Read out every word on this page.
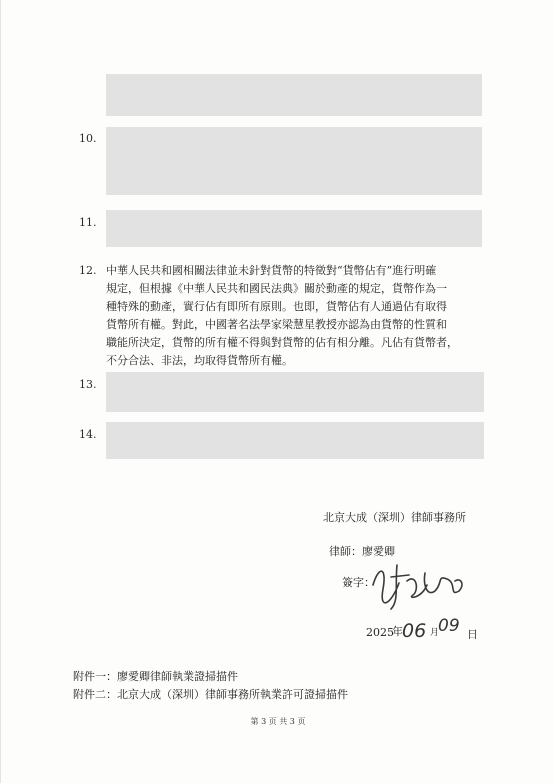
10.
11.
12. 中華人民共和國相關法律並未針對貨幣的特徵對“貨幣佔有”進行明確
規定，但根據《中華人民共和國民法典》關於動產的規定，貨幣作為一
種特殊的動產，實行佔有即所有原則。也即，貨幣佔有人通過佔有取得
貨幣所有權。對此，中國著名法學家梁慧星教授亦認為由貨幣的性質和
職能所決定，貨幣的所有權不得與對貨幣的佔有相分離。凡佔有貨幣者，
不分合法、非法，均取得貨幣所有權。
13.
14.
北京大成（深圳）律師事務所
律師：廖愛卿
簽字：
2025
年 06 月
09 日
附件一：廖愛卿律師執業證掃描件
附件二：北京大成（深圳）律師事務所執業許可證掃描件
第 3 页 共 3 页
